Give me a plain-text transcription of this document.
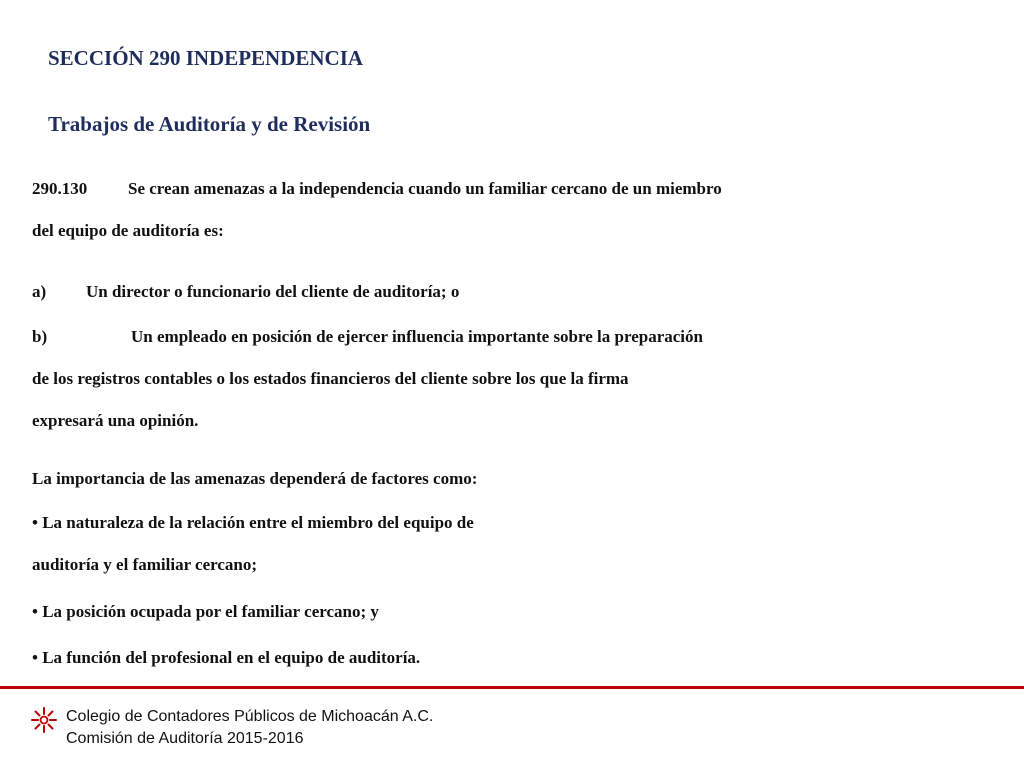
SECCIÓN 290 INDEPENDENCIA
Trabajos de Auditoría y de Revisión

290.130 Se crean amenazas a la independencia cuando un familiar cercano de un miembro
del equipo de auditoría es:

a) Un director o funcionario del cliente de auditoría; o

b)	Un empleado en posición de ejercer influencia importante sobre la preparación
de los registros contables o los estados financieros del cliente sobre los que la firma
expresará una opinión.

La importancia de las amenazas dependerá de factores como:

• La naturaleza de la relación entre el miembro del equipo de
auditoría y el familiar cercano;

• La posición ocupada por el familiar cercano; y

• La función del profesional en el equipo de auditoría.

Colegio de Contadores Públicos de Michoacán A.C.
Comisión de Auditoría 2015-2016
